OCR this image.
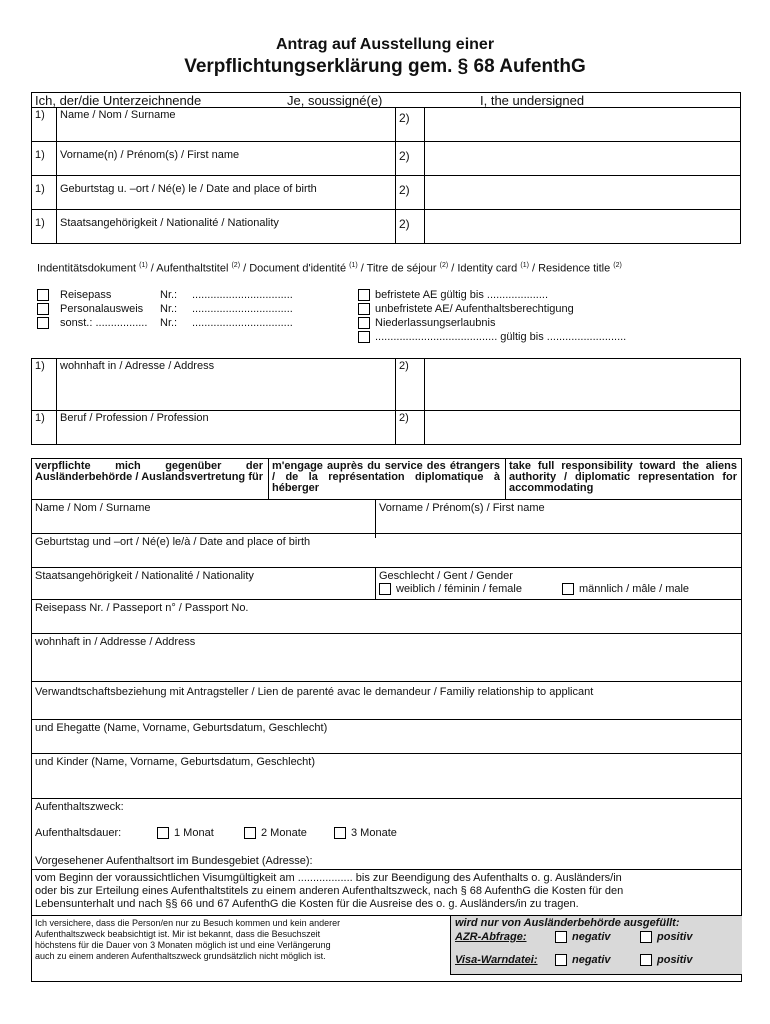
Antrag auf Ausstellung einer
Verpflichtungserklärung gem. § 68 AufenthG
Ich, der/die Unterzeichnende	Je, soussigné(e)	I, the undersigned
1)	Name / Nom / Surname	2)	
1)	Vorname(n) / Prénom(s) / First name	2)	
1)	Geburtstag u. –ort / Né(e) le / Date and place of birth	2)	
1)	Staatsangehörigkeit / Nationalité / Nationality	2)	
Indentitätsdokument $^{(1)}$ / Aufenthaltstitel $^{(2)}$ / Document d'identité $^{(1)}$ / Titre de séjour $^{(2)}$ / Identity card $^{(1)}$ / Residence title $^{(2)}$
Reisepass	Nr.: .................................
Personalausweis Nr.: .................................
sonst.: ................. Nr.: .................................
befristete AE gültig bis ....................
unbefristete AE/ Aufenthaltsberechtigung
Niederlassungserlaubnis
........................................ gültig bis ..........................
1)	wohnhaft in / Adresse / Address	2)	
1)	Beruf / Profession / Profession	2)	
verpflichte mich gegenüber der Ausländerbehörde / Auslandsvertretung für
m'engage auprès du service des étrangers / de la représentation diplomatique à héberger
take full responsibility toward the aliens authority / diplomatic representation for accommodating
Name / Nom / Surname	Vorname / Prénom(s) / First name
Geburtstag und –ort / Né(e) le/à / Date and place of birth
Staatsangehörigkeit / Nationalité / Nationality	Geschlecht / Gent / Gender
weiblich / féminin / female	männlich / mâle / male
Reisepass Nr. / Passeport n° / Passport No.
wohnhaft in / Addresse / Address
Verwandtschaftsbeziehung mit Antragsteller / Lien de parenté avac le demandeur / Familiy relationship to applicant
und Ehegatte (Name, Vorname, Geburtsdatum, Geschlecht)
und Kinder (Name, Vorname, Geburtsdatum, Geschlecht)
Aufenthaltszweck:
Aufenthaltsdauer:	1 Monat	2 Monate	3 Monate
Vorgesehener Aufenthaltsort im Bundesgebiet (Adresse):
vom Beginn der voraussichtlichen Visumgültigkeit am .................. bis zur Beendigung des Aufenthalts o. g. Ausländers/in
oder bis zur Erteilung eines Aufenthaltstitels zu einem anderen Aufenthaltszweck, nach § 68 AufenthG die Kosten für den
Lebensunterhalt und nach §§ 66 und 67 AufenthG die Kosten für die Ausreise des o. g. Ausländers/in zu tragen.
Ich versichere, dass die Person/en nur zu Besuch kommen und kein anderer
Aufenthaltszweck beabsichtigt ist. Mir ist bekannt, dass die Besuchszeit
höchstens für die Dauer von 3 Monaten möglich ist und eine Verlängerung
auch zu einem anderen Aufenthaltszweck grundsätzlich nicht möglich ist.
wird nur von Ausländerbehörde ausgefüllt:
AZR-Abfrage:	negativ	positiv
Visa-Warndatei:	negativ	positiv
